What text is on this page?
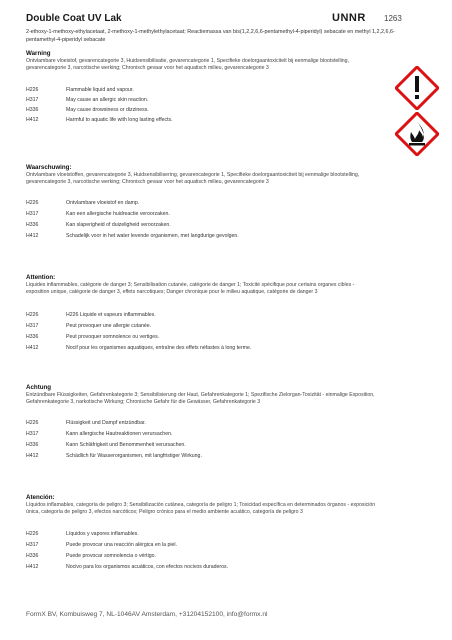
Double Coat UV Lak	UNNR 1263
2-ethoxy-1-methoxy-ethylacetaat, 2-methoxy-1-methylethylacetaat; Reactiemassa van bis(1,2,2,6,6-pentamethyl-4-piperidyl) sebacate en methyl 1,2,2,6,6-pentamethyl-4-piperidyl sebacate
Warning
Ontvlambare vloeistof, gevarencategorie 3, Huidsensibilisatie, gevarencategorie 1, Specifieke doelorgaantoxiciteit bij eenmalige blootstelling, gevarencategorie 3, narcotische werking; Chronisch gevaar voor het aquatisch milieu, gevarencategorie 3
H226	Flammable liquid and vapour.
H317	May cause an allergic skin reaction.
H336	May cause drowsiness or dizziness.
H412	Harmful to aquatic life with long lasting effects.
Waarschuwing:
Ontvlambare vloeistoffen, gevarencategorie 3, Huidsensibilisering, gevarencategorie 1, Specifieke doelorgaantoxiciteit bij eenmalige blootstelling, gevarencategorie 3, narcotische werking; Chronisch gevaar voor het aquatisch milieu, gevarencategorie 3
H226	Ontvlambare vloeistof en damp.
H317	Kan een allergische huidreactie veroorzaken.
H336	Kan slaperigheid of duizeligheid veroorzaken.
H412	Schadelijk voor in het water levende organismen, met langdurige gevolgen.
Attention:
Liquides inflammables, catégorie de danger 3; Sensibilisation cutanée, catégorie de danger 1; Toxicité spécifique pour certains organes cibles - exposition unique, catégorie de danger 3, effets narcotiques; Danger chronique pour le milieu aquatique, catégorie de danger 3
H226	H226 Liquide et vapeurs inflammables.
H317	Peut provoquer une allergie cutanée.
H336	Peut provoquer somnolence ou vertiges.
H412	Nocif pour les organismes aquatiques, entraîne des effets néfastes à long terme.
Achtung
Entzündbare Flüssigkeiten, Gefahrenkategorie 3; Sensibilisierung der Haut, Gefahrenkategorie 1; Spezifische Zielorgan-Toxizität - einmalige Exposition, Gefahrenkategorie 3, narkotische Wirkung; Chronische Gefahr für die Gewässer, Gefahrenkategorie 3
H226	Flüssigkeit und Dampf entzündbar.
H317	Kann allergische Hautreaktionen verursachen.
H336	Kann Schläfrigkeit und Benommenheit verursachen.
H412	Schädlich für Wasserorganismen, mit langfristiger Wirkung.
Atención:
Líquidos inflamables, categoría de peligro 3; Sensibilización cutánea, categoría de peligro 1; Toxicidad específica en determinados órganos - exposición única, categoría de peligro 3, efectos narcóticos; Peligro crónico para el medio ambiente acuático, categoría de peligro 3
H226	Líquidos y vapores inflamables.
H317	Puede provocar una reacción alérgica en la piel.
H336	Puede provocar somnolencia o vértigo.
H412	Nocivo para los organismos acuáticos, con efectos nocivos duraderos.
FormX BV, Kombuisweg 7, NL-1046AV Amsterdam, +31204152100, info@formx.nl
